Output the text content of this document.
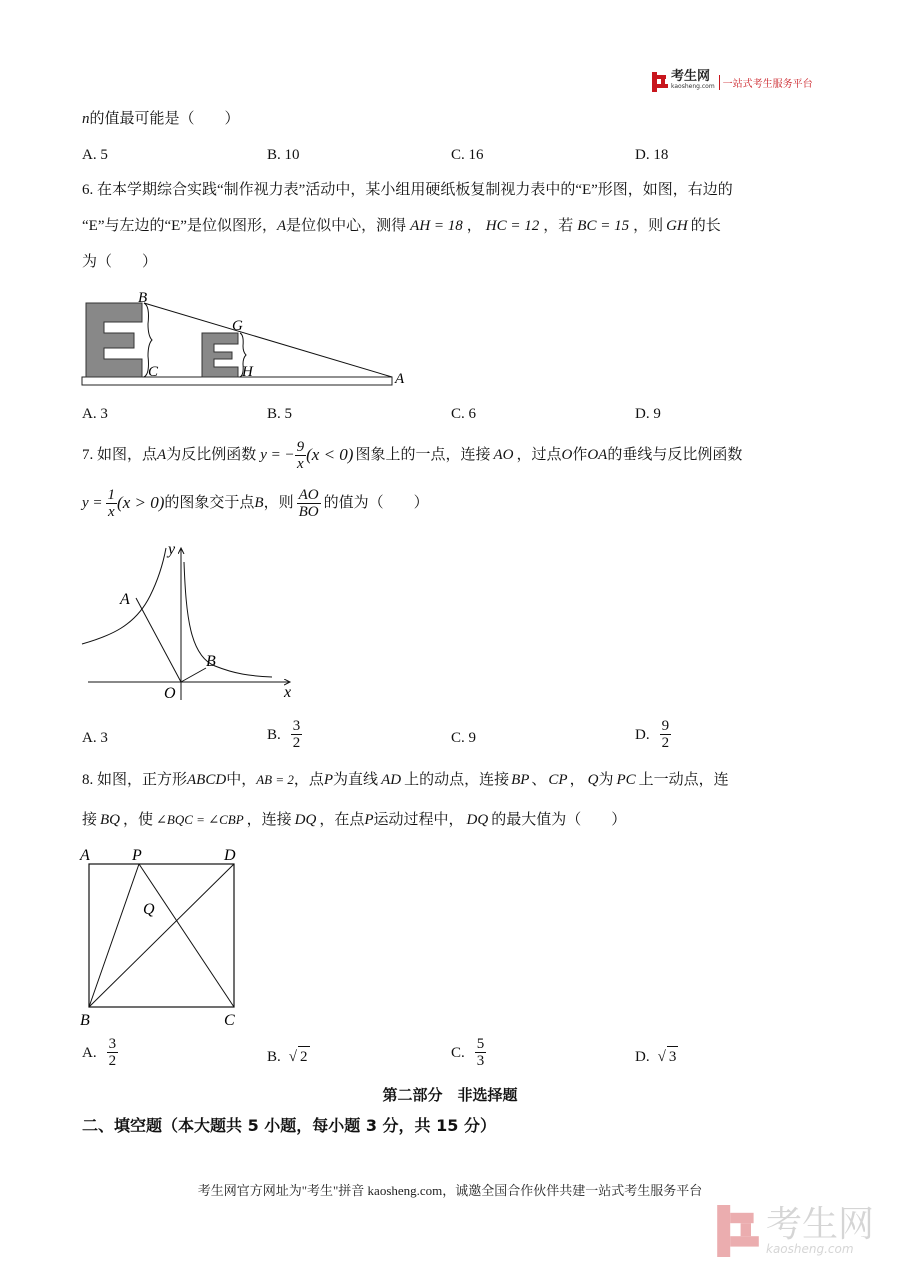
考生网
kaosheng.com 一站式考生服务平台
n的值最可能是（　　）
A. 5	B. 10	C. 16	D. 18
6. 在本学期综合实践“制作视力表”活动中，某小组用硬纸板复制视力表中的“E”形图，如图，右边的
“E”与左边的“E”是位似图形，A是位似中心，测得 AH = 18 ， HC = 12 ，若 BC = 15 ，则 GH 的长
为（　　）
B
G
C	H	A
A. 3	B. 5	C. 6	D. 9
7. 如图，点 A 为反比例函数 y = − $\frac{9}{x} (x < 0)$ 图象上的一点，连接 AO ，过点 O 作 OA 的垂线与反比例函数
$y = \frac{1}{x} (x > 0)$ 的图象交于点 B ，则 $\frac{AO}{BO}$ 的值为（　　）
y
x
A
B
O
A. 3	B. $\frac{3}{2}$	C. 9	D. $\frac{9}{2}$
8. 如图，正方形ABCD中，AB = 2，点P为直线 AD 上的动点，连接 BP 、 CP ， Q为 PC 上一动点，连
接 BQ ，使 ∠BQC = ∠CBP ，连接 DQ ，在点P运动过程中， DQ 的最大值为（　　）
A	P	D
Q
B	C
A. $\frac{3}{2}$	B. √ 2	C. $\frac{5}{3}$	D. √ 3
第二部分　非选择题
二、填空题（本大题共 5 小题，每小题 3 分，共 15 分）
考生网官方网址为"考生"拼音 kaosheng.com，诚邀全国合作伙伴共建一站式考生服务平台
考生网
kaosheng.com
